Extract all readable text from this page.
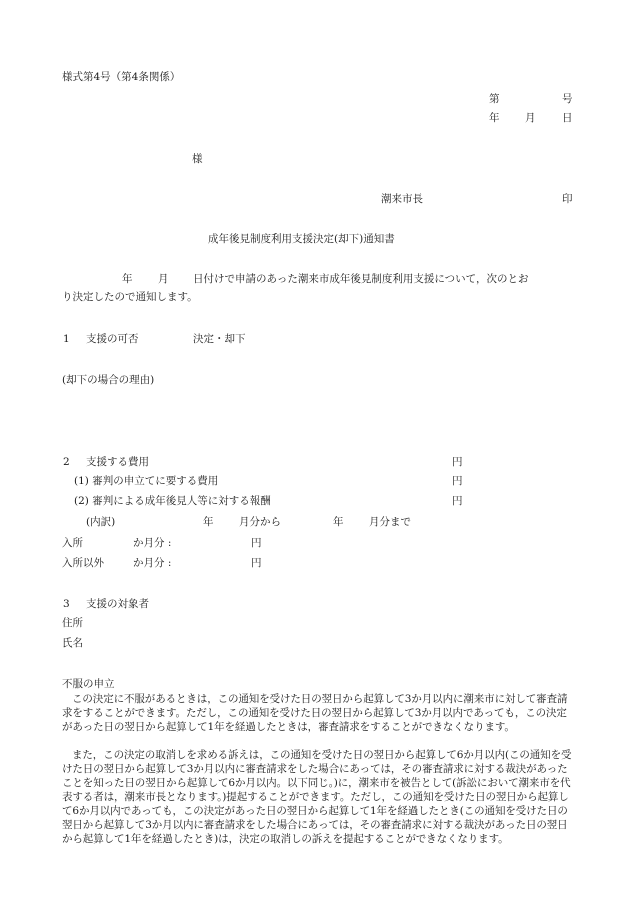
様式第4号（第4条関係）
第	号
年 月	日
様
潮来市長	印
成年後見制度利用支援決定(却下)通知書
年 月 日付けで申請のあった潮来市成年後見制度利用支援について，次のとお
り決定したので通知します。
1 支援の可否	決定・却下
(却下の場合の理由)
2 支援する費用	円
(1) 審判の申立てに要する費用	円
(2) 審判による成年後見人等に対する報酬	円
(内訳)	年 月分から	年 月分まで
入所	か月分 :	円
入所以外	か月分 :	円
3 支援の対象者
住所
氏名
不服の申立
この決定に不服があるときは，この通知を受けた日の翌日から起算して3か月以内に潮来市に対して審査請求をすることができます。ただし，この通知を受けた日の翌日から起算して3か月以内であっても，この決定があった日の翌日から起算して1年を経過したときは，審査請求をすることができなくなります。
また，この決定の取消しを求める訴えは，この通知を受けた日の翌日から起算して6か月以内(この通知を受けた日の翌日から起算して3か月以内に審査請求をした場合にあっては，その審査請求に対する裁決があったことを知った日の翌日から起算して6か月以内。以下同じ。)に，潮来市を被告として(訴訟において潮来市を代表する者は，潮来市長となります。)提起することができます。ただし，この通知を受けた日の翌日から起算して6か月以内であっても，この決定があった日の翌日から起算して1年を経過したとき(この通知を受けた日の翌日から起算して3か月以内に審査請求をした場合にあっては，その審査請求に対する裁決があった日の翌日から起算して1年を経過したとき)は，決定の取消しの訴えを提起することができなくなります。
